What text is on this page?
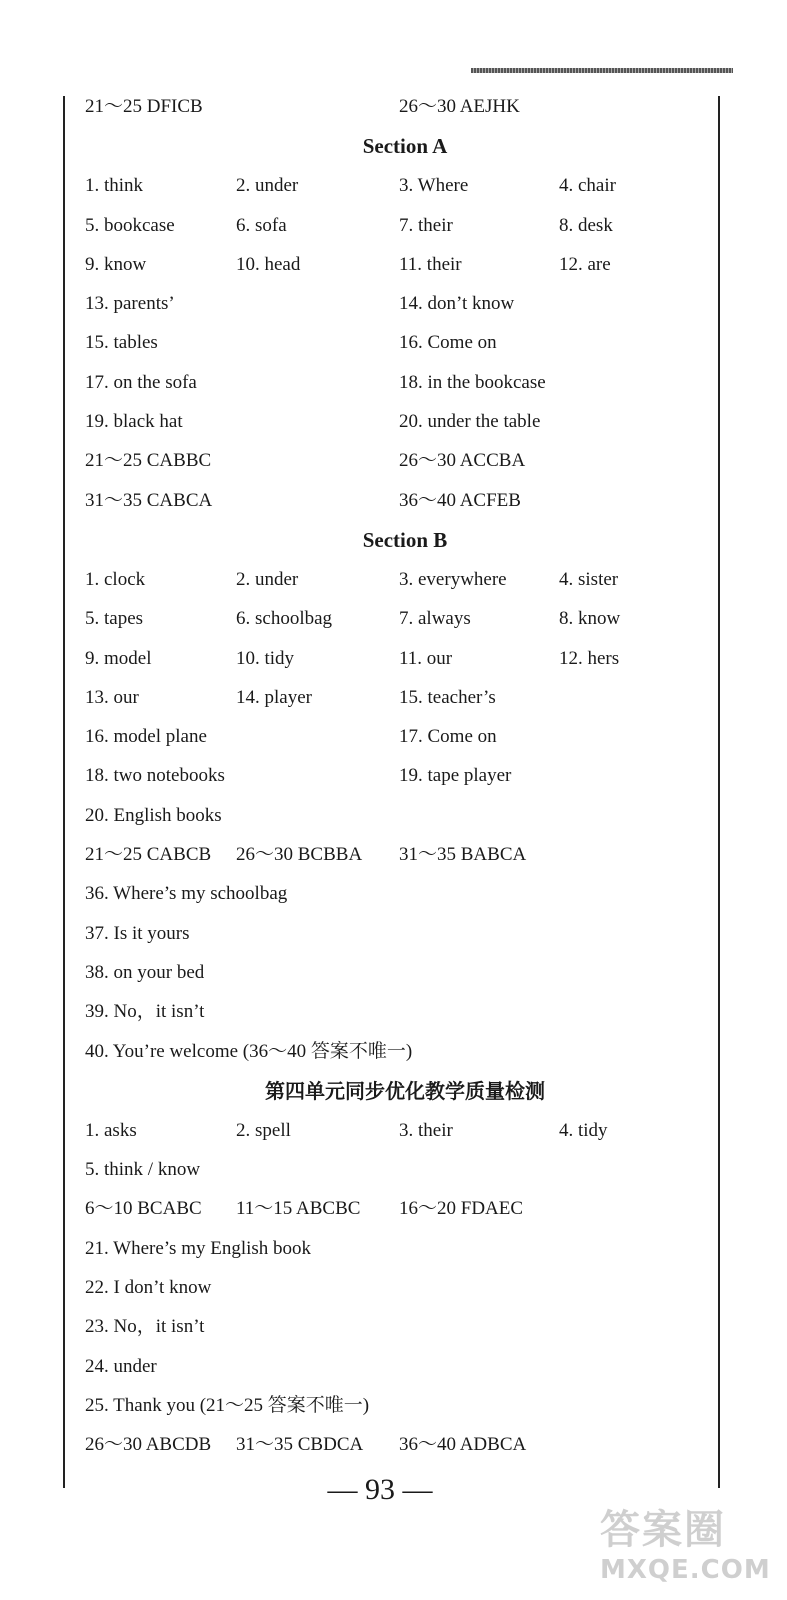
21～25 DFICB	26～30 AEJHK
Section A
1. think	2. under	3. Where	4. chair
5. bookcase	6. sofa	7. their	8. desk
9. know	10. head	11. their	12. are
13. parents’	14. don’t know
15. tables	16. Come on
17. on the sofa	18. in the bookcase
19. black hat	20. under the table
21～25 CABBC	26～30 ACCBA
31～35 CABCA	36～40 ACFEB
Section B
1. clock	2. under	3. everywhere	4. sister
5. tapes	6. schoolbag	7. always	8. know
9. model	10. tidy	11. our	12. hers
13. our	14. player	15. teacher’s
16. model plane	17. Come on
18. two notebooks	19. tape player
20. English books
21～25 CABCB 26～30 BCBBA 31～35 BABCA
36. Where’s my schoolbag
37. Is it yours
38. on your bed
39. No，it isn’t
40. You’re welcome (36～40 答案不唯一)
第四单元同步优化教学质量检测
1. asks	2. spell	3. their	4. tidy
5. think / know
6～10 BCABC 11～15 ABCBC 16～20 FDAEC
21. Where’s my English book
22. I don’t know
23. No，it isn’t
24. under
25. Thank you (21～25 答案不唯一)
26～30 ABCDB 31～35 CBDCA 36～40 ADBCA
— 93 —
答案圈
MXQE.COM
